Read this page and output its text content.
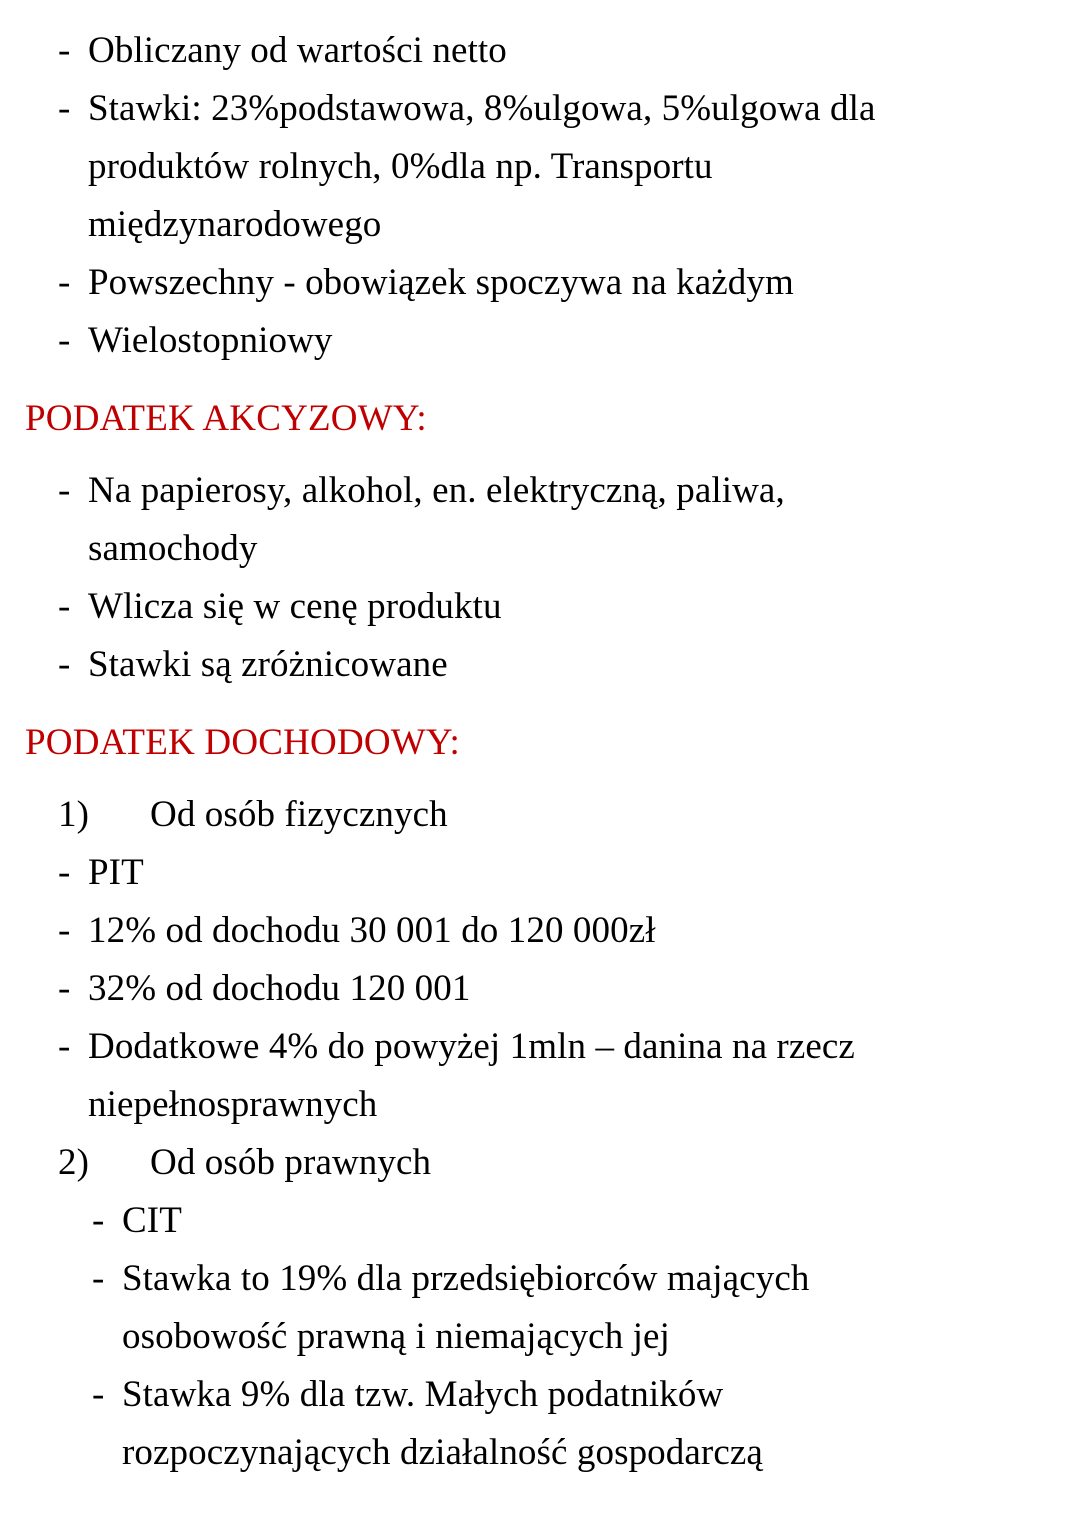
- Obliczany od wartości netto
- Stawki: 23%podstawowa, 8%ulgowa, 5%ulgowa dla
produktów rolnych, 0%dla np. Transportu
międzynarodowego
- Powszechny - obowiązek spoczywa na każdym
- Wielostopniowy
PODATEK AKCYZOWY:
- Na papierosy, alkohol, en. elektryczną, paliwa,
samochody
- Wlicza się w cenę produktu
- Stawki są zróżnicowane
PODATEK DOCHODOWY:
1)	Od osób fizycznych
- PIT
- 12% od dochodu 30 001 do 120 000zł
- 32% od dochodu 120 001
- Dodatkowe 4% do powyżej 1mln – danina na rzecz
niepełnosprawnych
2)	Od osób prawnych
- CIT
- Stawka to 19% dla przedsiębiorców mających
osobowość prawną i niemających jej
- Stawka 9% dla tzw. Małych podatników
rozpoczynających działalność gospodarczą
